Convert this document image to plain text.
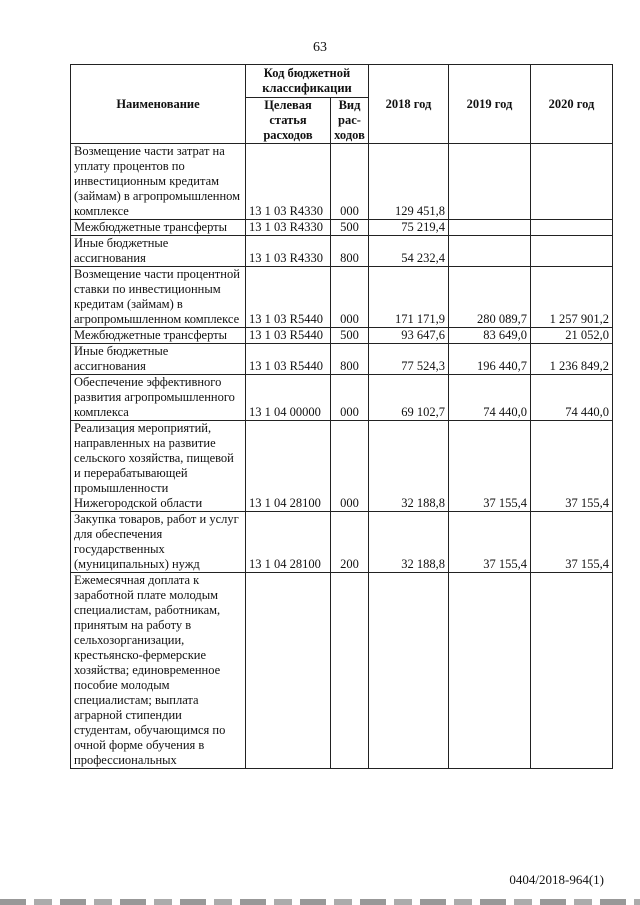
63
Наименование	Код бюджетной классификации		2018 год	2019 год	2020 год
	Целевая статья расходов	Вид рас-ходов			
Возмещение части затрат на уплату процентов по инвестиционным кредитам (займам) в агропромышленном комплексе	13 1 03 R4330	000	129 451,8		
Межбюджетные трансферты	13 1 03 R4330	500	75 219,4		
Иные бюджетные ассигнования	13 1 03 R4330	800	54 232,4		
Возмещение части процентной ставки по инвестиционным кредитам (займам) в агропромышленном комплексе	13 1 03 R5440	000	171 171,9	280 089,7	1 257 901,2
Межбюджетные трансферты	13 1 03 R5440	500	93 647,6	83 649,0	21 052,0
Иные бюджетные ассигнования	13 1 03 R5440	800	77 524,3	196 440,7	1 236 849,2
Обеспечение эффективного развития агропромышленного комплекса	13 1 04 00000	000	69 102,7	74 440,0	74 440,0
Реализация мероприятий, направленных на развитие сельского хозяйства, пищевой и перерабатывающей промышленности Нижегородской области	13 1 04 28100	000	32 188,8	37 155,4	37 155,4
Закупка товаров, работ и услуг для обеспечения государственных (муниципальных) нужд	13 1 04 28100	200	32 188,8	37 155,4	37 155,4
Ежемесячная доплата к заработной плате молодым специалистам, работникам, принятым на работу в сельхозорганизации, крестьянско-фермерские хозяйства; единовременное пособие молодым специалистам; выплата аграрной стипендии студентам, обучающимся по очной форме обучения в профессиональных					
0404/2018-964(1)
